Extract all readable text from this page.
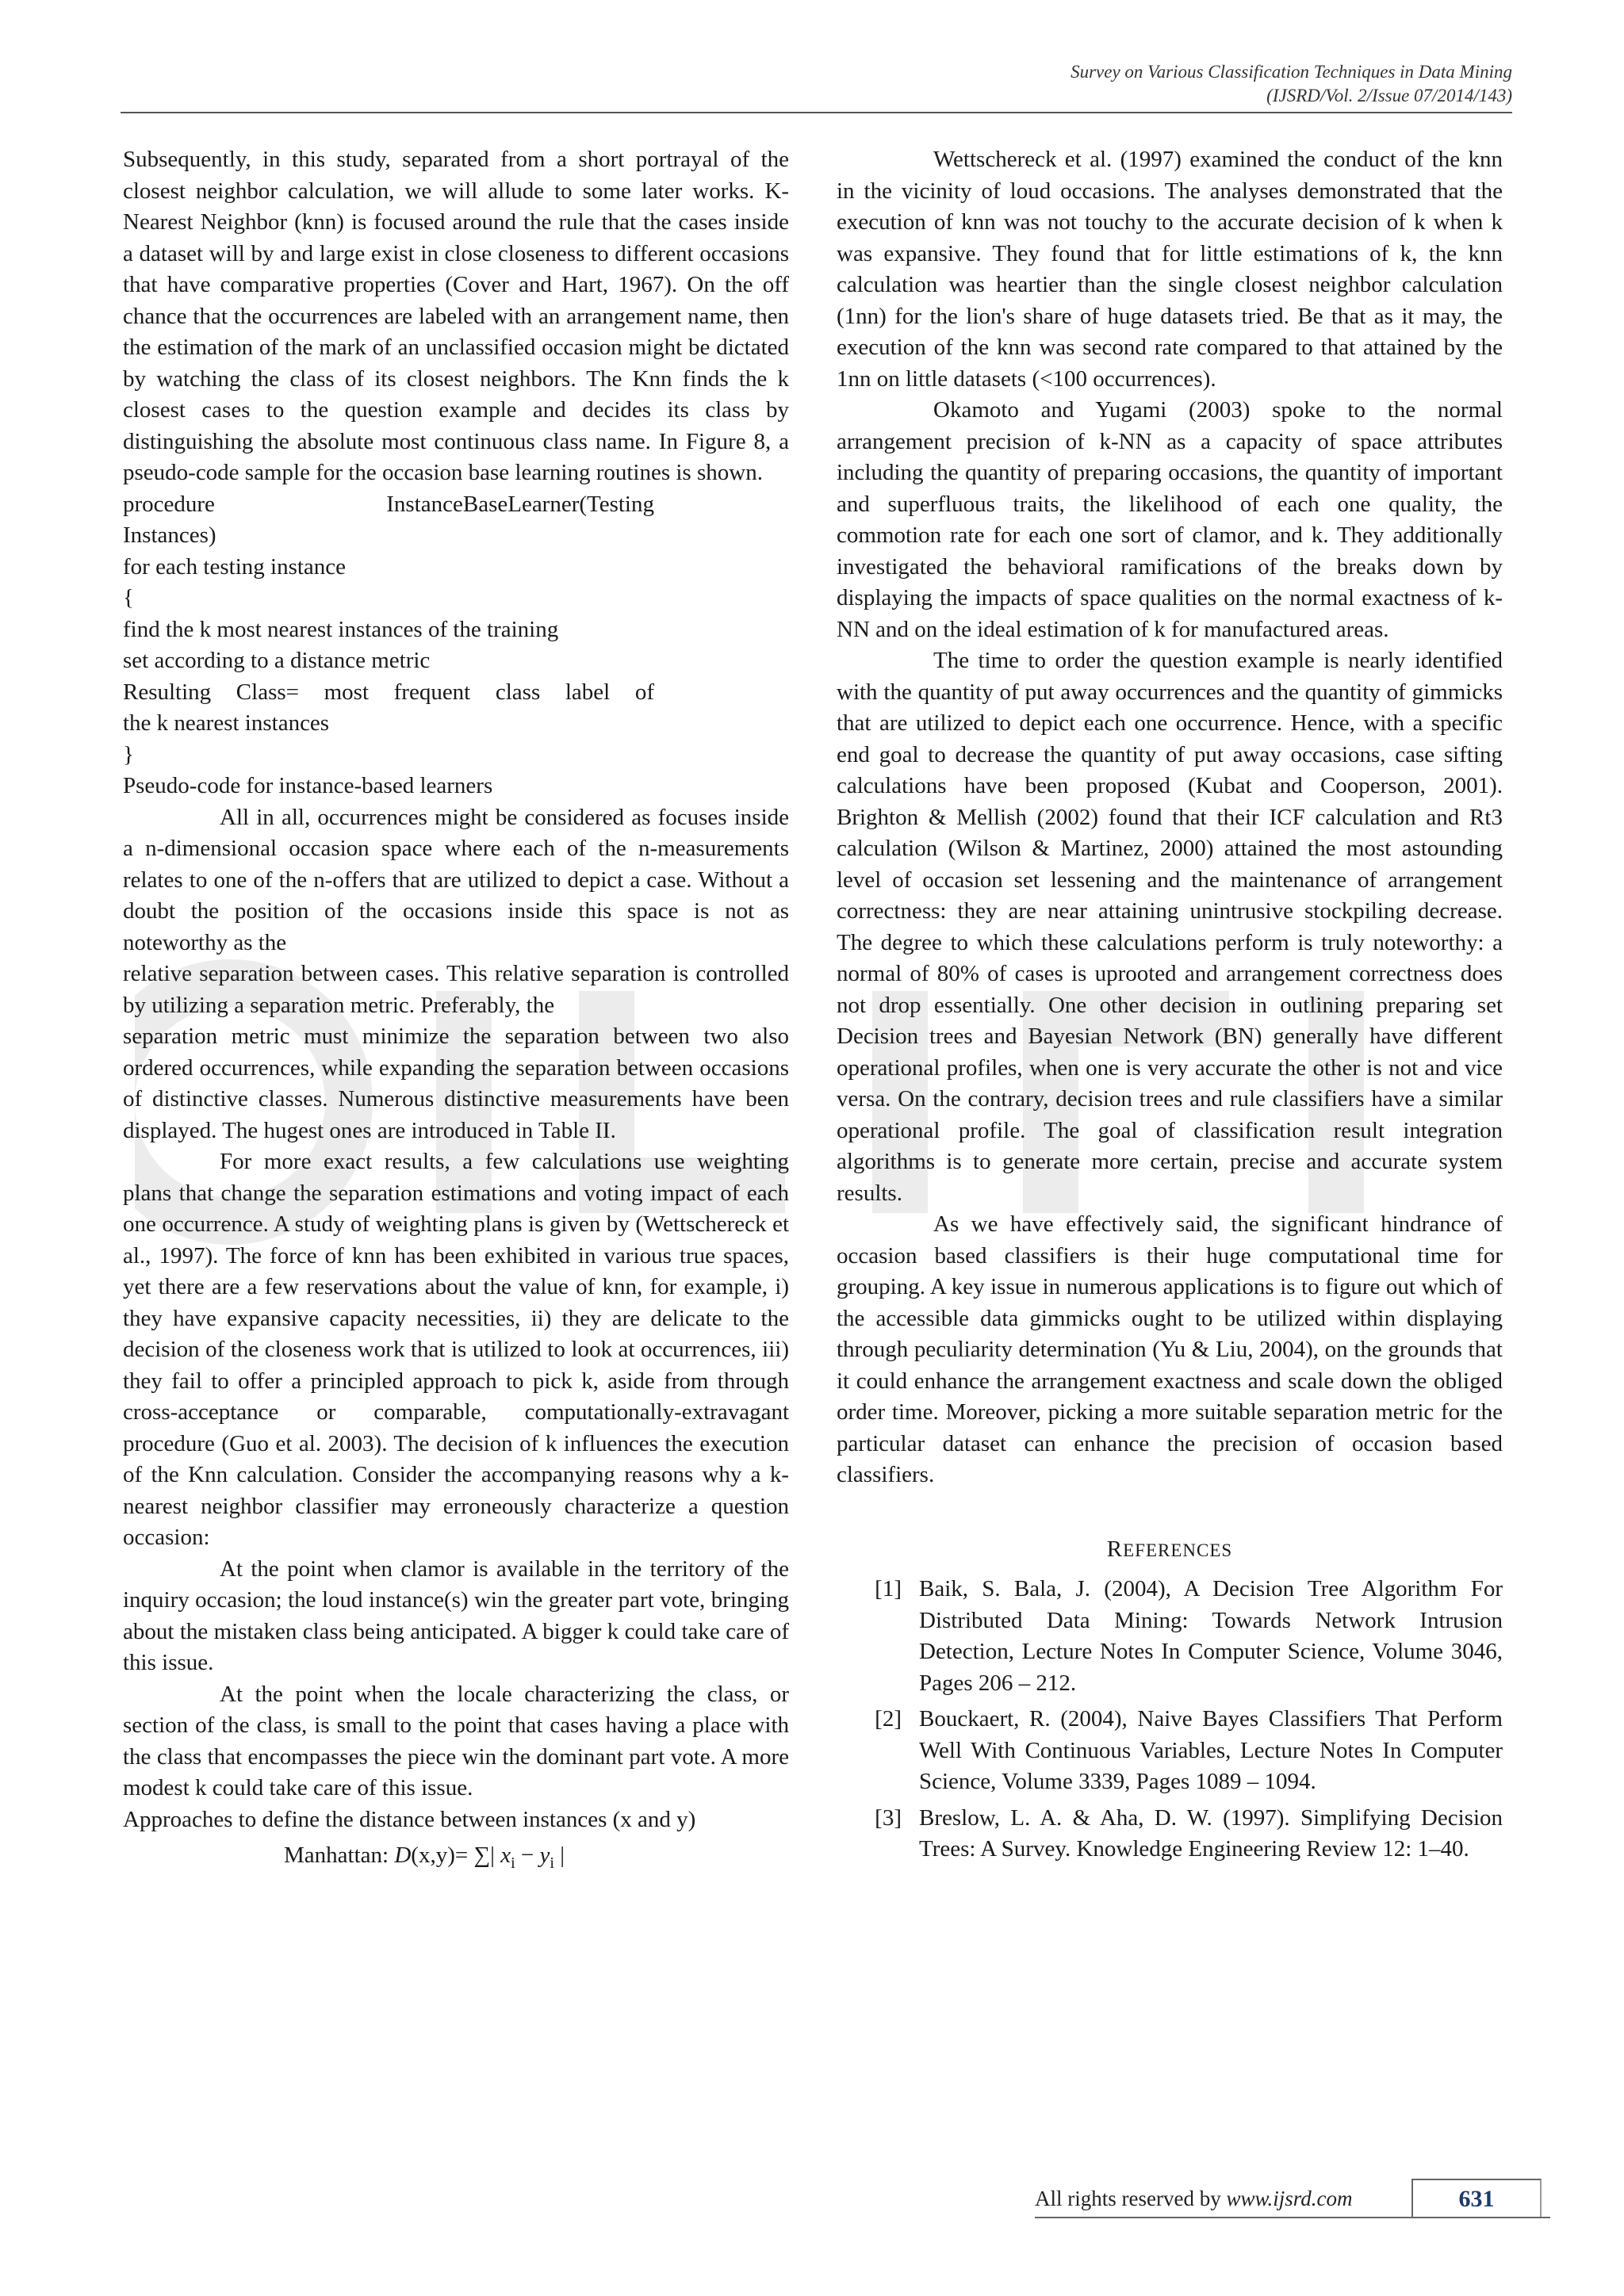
Survey on Various Classification Techniques in Data Mining
(IJSRD/Vol. 2/Issue 07/2014/143)

Subsequently, in this study, separated from a short portrayal of the closest neighbor calculation, we will allude to some later works. K-Nearest Neighbor (knn) is focused around the rule that the cases inside a dataset will by and large exist in close closeness to different occasions that have comparative properties (Cover and Hart, 1967). On the off chance that the occurrences are labeled with an arrangement name, then the estimation of the mark of an unclassified occasion might be dictated by watching the class of its closest neighbors. The Knn finds the k closest cases to the question example and decides its class by distinguishing the absolute most continuous class name. In Figure 8, a pseudo-code sample for the occasion base learning routines is shown.

procedure InstanceBaseLearner(Testing

Instances)

for each testing instance

{

find the k most nearest instances of the training

set according to a distance metric

Resulting Class= most frequent class label of

the k nearest instances

}

Pseudo-code for instance-based learners

All in all, occurrences might be considered as focuses inside a n-dimensional occasion space where each of the n-measurements relates to one of the n-offers that are utilized to depict a case. Without a doubt the position of the occasions inside this space is not as noteworthy as the

relative separation between cases. This relative separation is controlled by utilizing a separation metric. Preferably, the

separation metric must minimize the separation between two also ordered occurrences, while expanding the separation between occasions of distinctive classes. Numerous distinctive measurements have been displayed. The hugest ones are introduced in Table II.

For more exact results, a few calculations use weighting plans that change the separation estimations and voting impact of each one occurrence. A study of weighting plans is given by (Wettschereck et al., 1997). The force of knn has been exhibited in various true spaces, yet there are a few reservations about the value of knn, for example, i) they have expansive capacity necessities, ii) they are delicate to the decision of the closeness work that is utilized to look at occurrences, iii) they fail to offer a principled approach to pick k, aside from through cross-acceptance or comparable, computationally-extravagant procedure (Guo et al. 2003). The decision of k influences the execution of the Knn calculation. Consider the accompanying reasons why a k-nearest neighbor classifier may erroneously characterize a question occasion:

At the point when clamor is available in the territory of the inquiry occasion; the loud instance(s) win the greater part vote, bringing about the mistaken class being anticipated. A bigger k could take care of this issue.

At the point when the locale characterizing the class, or section of the class, is small to the point that cases having a place with the class that encompasses the piece win the dominant part vote. A more modest k could take care of this issue.

Approaches to define the distance between instances (x and y)

Manhattan: D(x,y)= ∑| $x_i - y_i$ |

Wettschereck et al. (1997) examined the conduct of the knn in the vicinity of loud occasions. The analyses demonstrated that the execution of knn was not touchy to the accurate decision of k when k was expansive. They found that for little estimations of k, the knn calculation was heartier than the single closest neighbor calculation (1nn) for the lion's share of huge datasets tried. Be that as it may, the execution of the knn was second rate compared to that attained by the 1nn on little datasets (<100 occurrences).

Okamoto and Yugami (2003) spoke to the normal arrangement precision of k-NN as a capacity of space attributes including the quantity of preparing occasions, the quantity of important and superfluous traits, the likelihood of each one quality, the commotion rate for each one sort of clamor, and k. They additionally investigated the behavioral ramifications of the breaks down by displaying the impacts of space qualities on the normal exactness of k-NN and on the ideal estimation of k for manufactured areas.

The time to order the question example is nearly identified with the quantity of put away occurrences and the quantity of gimmicks that are utilized to depict each one occurrence. Hence, with a specific end goal to decrease the quantity of put away occasions, case sifting calculations have been proposed (Kubat and Cooperson, 2001). Brighton & Mellish (2002) found that their ICF calculation and Rt3 calculation (Wilson & Martinez, 2000) attained the most astounding level of occasion set lessening and the maintenance of arrangement correctness: they are near attaining unintrusive stockpiling decrease. The degree to which these calculations perform is truly noteworthy: a normal of 80% of cases is uprooted and arrangement correctness does not drop essentially. One other decision in outlining preparing set Decision trees and Bayesian Network (BN) generally have different operational profiles, when one is very accurate the other is not and vice versa. On the contrary, decision trees and rule classifiers have a similar operational profile. The goal of classification result integration algorithms is to generate more certain, precise and accurate system results.

As we have effectively said, the significant hindrance of occasion based classifiers is their huge computational time for grouping. A key issue in numerous applications is to figure out which of the accessible data gimmicks ought to be utilized within displaying through peculiarity determination (Yu & Liu, 2004), on the grounds that it could enhance the arrangement exactness and scale down the obliged order time. Moreover, picking a more suitable separation metric for the particular dataset can enhance the precision of occasion based classifiers.

REFERENCES
[1] Baik, S. Bala, J. (2004), A Decision Tree Algorithm For Distributed Data Mining: Towards Network Intrusion Detection, Lecture Notes In Computer Science, Volume 3046, Pages 206 – 212.
[2] Bouckaert, R. (2004), Naive Bayes Classifiers That Perform Well With Continuous Variables, Lecture Notes In Computer Science, Volume 3339, Pages 1089 – 1094.
[3] Breslow, L. A. & Aha, D. W. (1997). Simplifying Decision Trees: A Survey. Knowledge Engineering Review 12: 1–40.
All rights reserved by www.ijsrd.com	631
